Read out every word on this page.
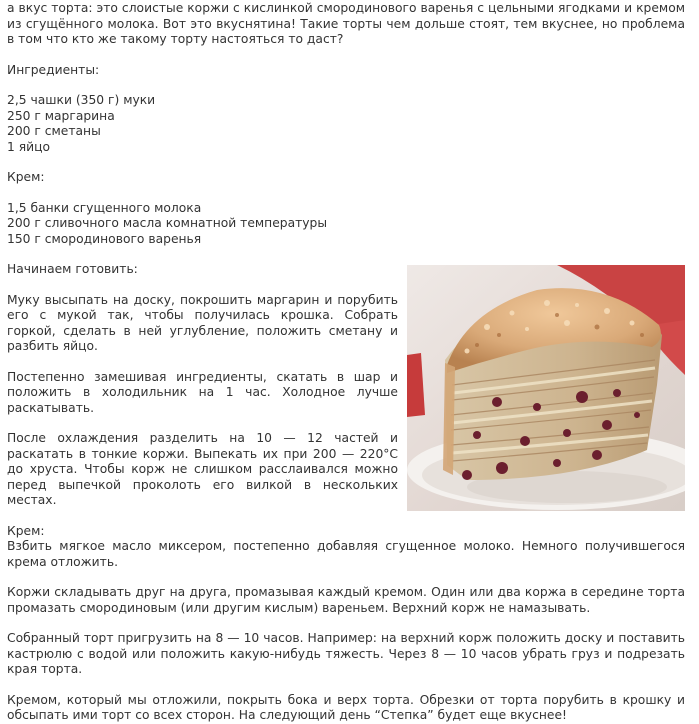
а вкус торта: это слоистые коржи с кислинкой смородинового варенья с цельными ягодками и кремом из сгущённого молока. Вот это вкуснятина! Такие торты чем дольше стоят, тем вкуснее, но проблема в том что кто же такому торту настояться то даст?

Ингредиенты:

2,5 чашки (350 г) муки

250 г маргарина

200 г сметаны

1 яйцо

Крем:

1,5 банки сгущенного молока

200 г сливочного масла комнатной температуры

150 г смородинового варенья

Начинаем готовить:

Муку высыпать на доску, покрошить маргарин и порубить его с мукой так, чтобы получилась крошка. Собрать горкой, сделать в ней углубление, положить сметану и разбить яйцо.

Постепенно замешивая ингредиенты, скатать в шар и положить в холодильник на 1 час. Холодное лучше раскатывать.

После охлаждения разделить на 10 — 12 частей и раскатать в тонкие коржи. Выпекать их при 200 — 220°C до хруста. Чтобы корж не слишком расслаивался можно перед выпечкой проколоть его вилкой в нескольких местах.

Крем:

Взбить мягкое масло миксером, постепенно добавляя сгущенное молоко. Немного получившегося крема отложить.

Коржи складывать друг на друга, промазывая каждый кремом. Один или два коржа в середине торта промазать смородиновым (или другим кислым) вареньем. Верхний корж не намазывать.

Собранный торт пригрузить на 8 — 10 часов. Например: на верхний корж положить доску и поставить кастрюлю с водой или положить какую-нибудь тяжесть. Через 8 — 10 часов убрать груз и подрезать края торта.

Кремом, который мы отложили, покрыть бока и верх торта. Обрезки от торта порубить в крошку и обсыпать ими торт со всех сторон. На следующий день “Степка” будет еще вкуснее!
